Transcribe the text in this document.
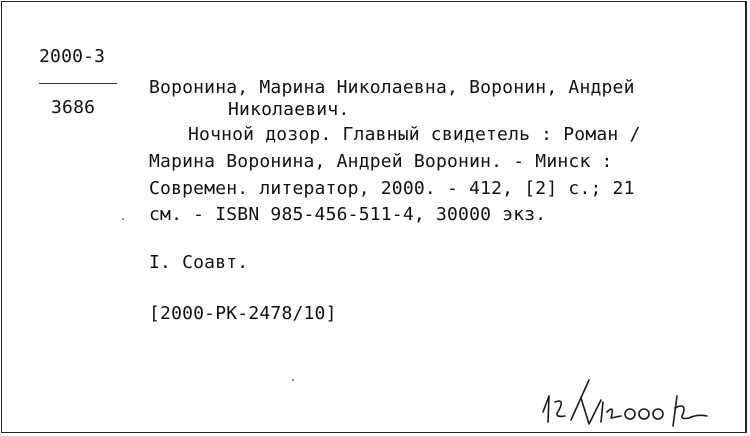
2000-3
3686
Воронина, Марина Николаевна, Воронин, Андрей
Николаевич.
Ночной дозор. Главный свидетель : Роман /
Марина Воронина, Андрей Воронин. - Минск :
Современ. литератор, 2000. - 412, [2] с.; 21
см. - ISBN 985-456-511-4, 30000 экз.
I. Соавт.
[2000-РК-2478/10]
